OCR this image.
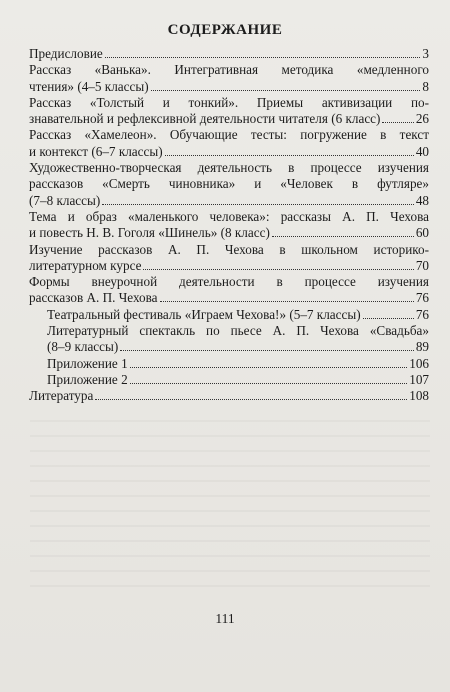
СОДЕРЖАНИЕ
Предисловие	3
Рассказ «Ванька». Интегративная методика «медленного
чтения» (4–5 классы)	8
Рассказ «Толстый и тонкий». Приемы активизации по-
знавательной и рефлексивной деятельности читателя (6 класс)	26
Рассказ «Хамелеон». Обучающие тесты: погружение в текст
и контекст (6–7 классы)	40
Художественно-творческая деятельность в процессе изучения
рассказов «Смерть чиновника» и «Человек в футляре»
(7–8 классы)	48
Тема и образ «маленького человека»: рассказы А. П. Чехова
и повесть Н. В. Гоголя «Шинель» (8 класс)	60
Изучение рассказов А. П. Чехова в школьном историко-
литературном курсе	70
Формы внеурочной деятельности в процессе изучения
рассказов А. П. Чехова	76
Театральный фестиваль «Играем Чехова!» (5–7 классы)	76
Литературный спектакль по пьесе А. П. Чехова «Свадьба»
(8–9 классы)	89
Приложение 1	106
Приложение 2	107
Литература	108
111
